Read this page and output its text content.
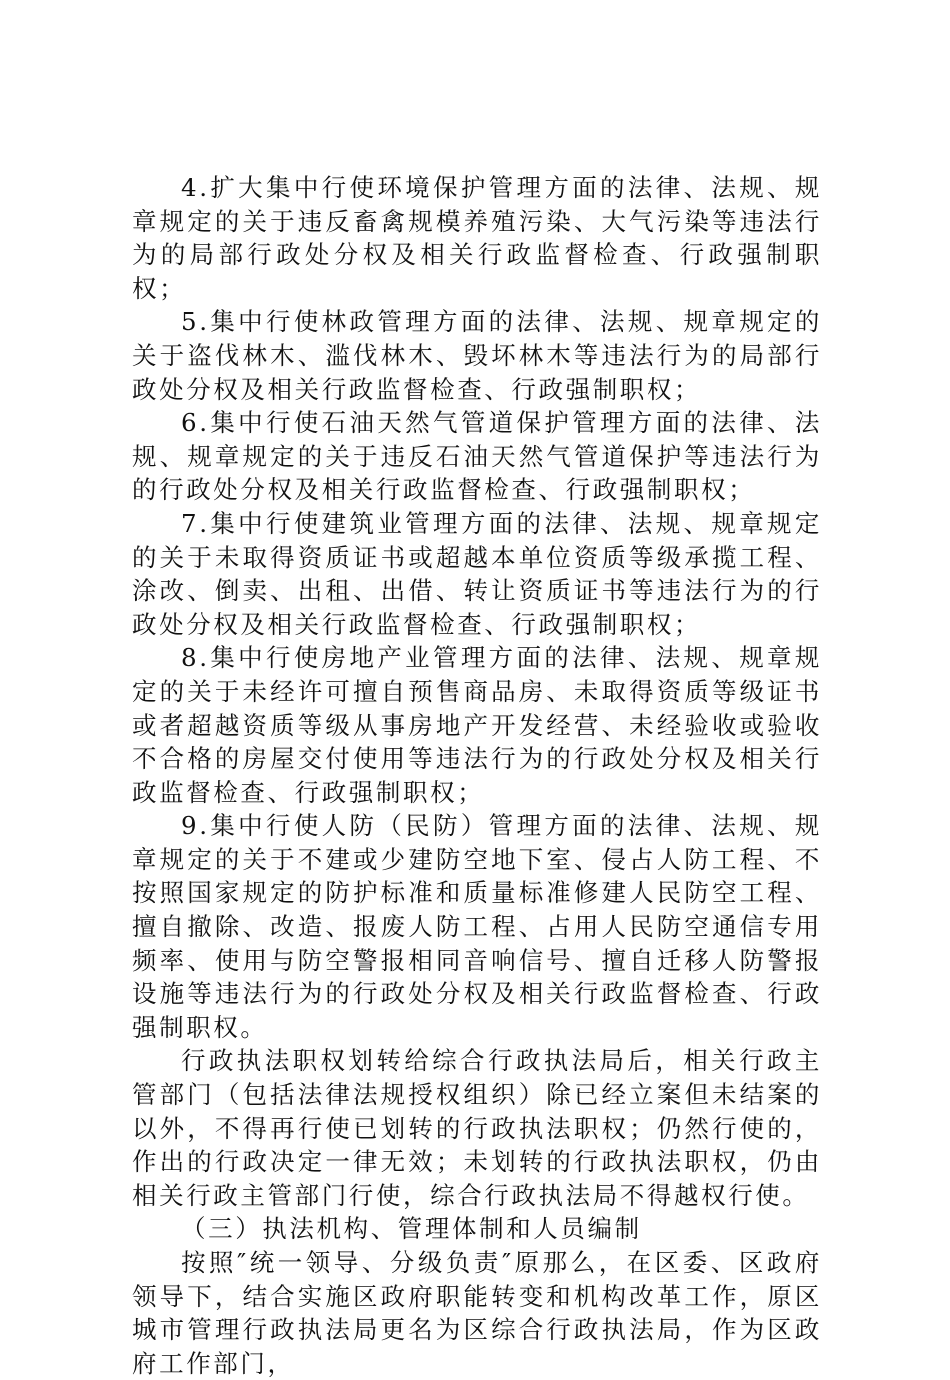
4.扩大集中行使环境保护管理方面的法律、法规、规章规定的关于违反畜禽规模养殖污染、大气污染等违法行为的局部行政处分权及相关行政监督检查、行政强制职权；

5.集中行使林政管理方面的法律、法规、规章规定的关于盗伐林木、滥伐林木、毁坏林木等违法行为的局部行政处分权及相关行政监督检查、行政强制职权；

6.集中行使石油天然气管道保护管理方面的法律、法规、规章规定的关于违反石油天然气管道保护等违法行为的行政处分权及相关行政监督检查、行政强制职权；

7.集中行使建筑业管理方面的法律、法规、规章规定的关于未取得资质证书或超越本单位资质等级承揽工程、涂改、倒卖、出租、出借、转让资质证书等违法行为的行政处分权及相关行政监督检查、行政强制职权；

8.集中行使房地产业管理方面的法律、法规、规章规定的关于未经许可擅自预售商品房、未取得资质等级证书或者超越资质等级从事房地产开发经营、未经验收或验收不合格的房屋交付使用等违法行为的行政处分权及相关行政监督检查、行政强制职权；

9.集中行使人防（民防）管理方面的法律、法规、规章规定的关于不建或少建防空地下室、侵占人防工程、不按照国家规定的防护标准和质量标准修建人民防空工程、擅自撤除、改造、报废人防工程、占用人民防空通信专用频率、使用与防空警报相同音响信号、擅自迁移人防警报设施等违法行为的行政处分权及相关行政监督检查、行政强制职权。

行政执法职权划转给综合行政执法局后，相关行政主管部门（包括法律法规授权组织）除已经立案但未结案的以外，不得再行使已划转的行政执法职权；仍然行使的，作出的行政决定一律无效；未划转的行政执法职权，仍由相关行政主管部门行使，综合行政执法局不得越权行使。

（三）执法机构、管理体制和人员编制

按照″统一领导、分级负责″原那么，在区委、区政府领导下，结合实施区政府职能转变和机构改革工作，原区城市管理行政执法局更名为区综合行政执法局，作为区政府工作部门，
